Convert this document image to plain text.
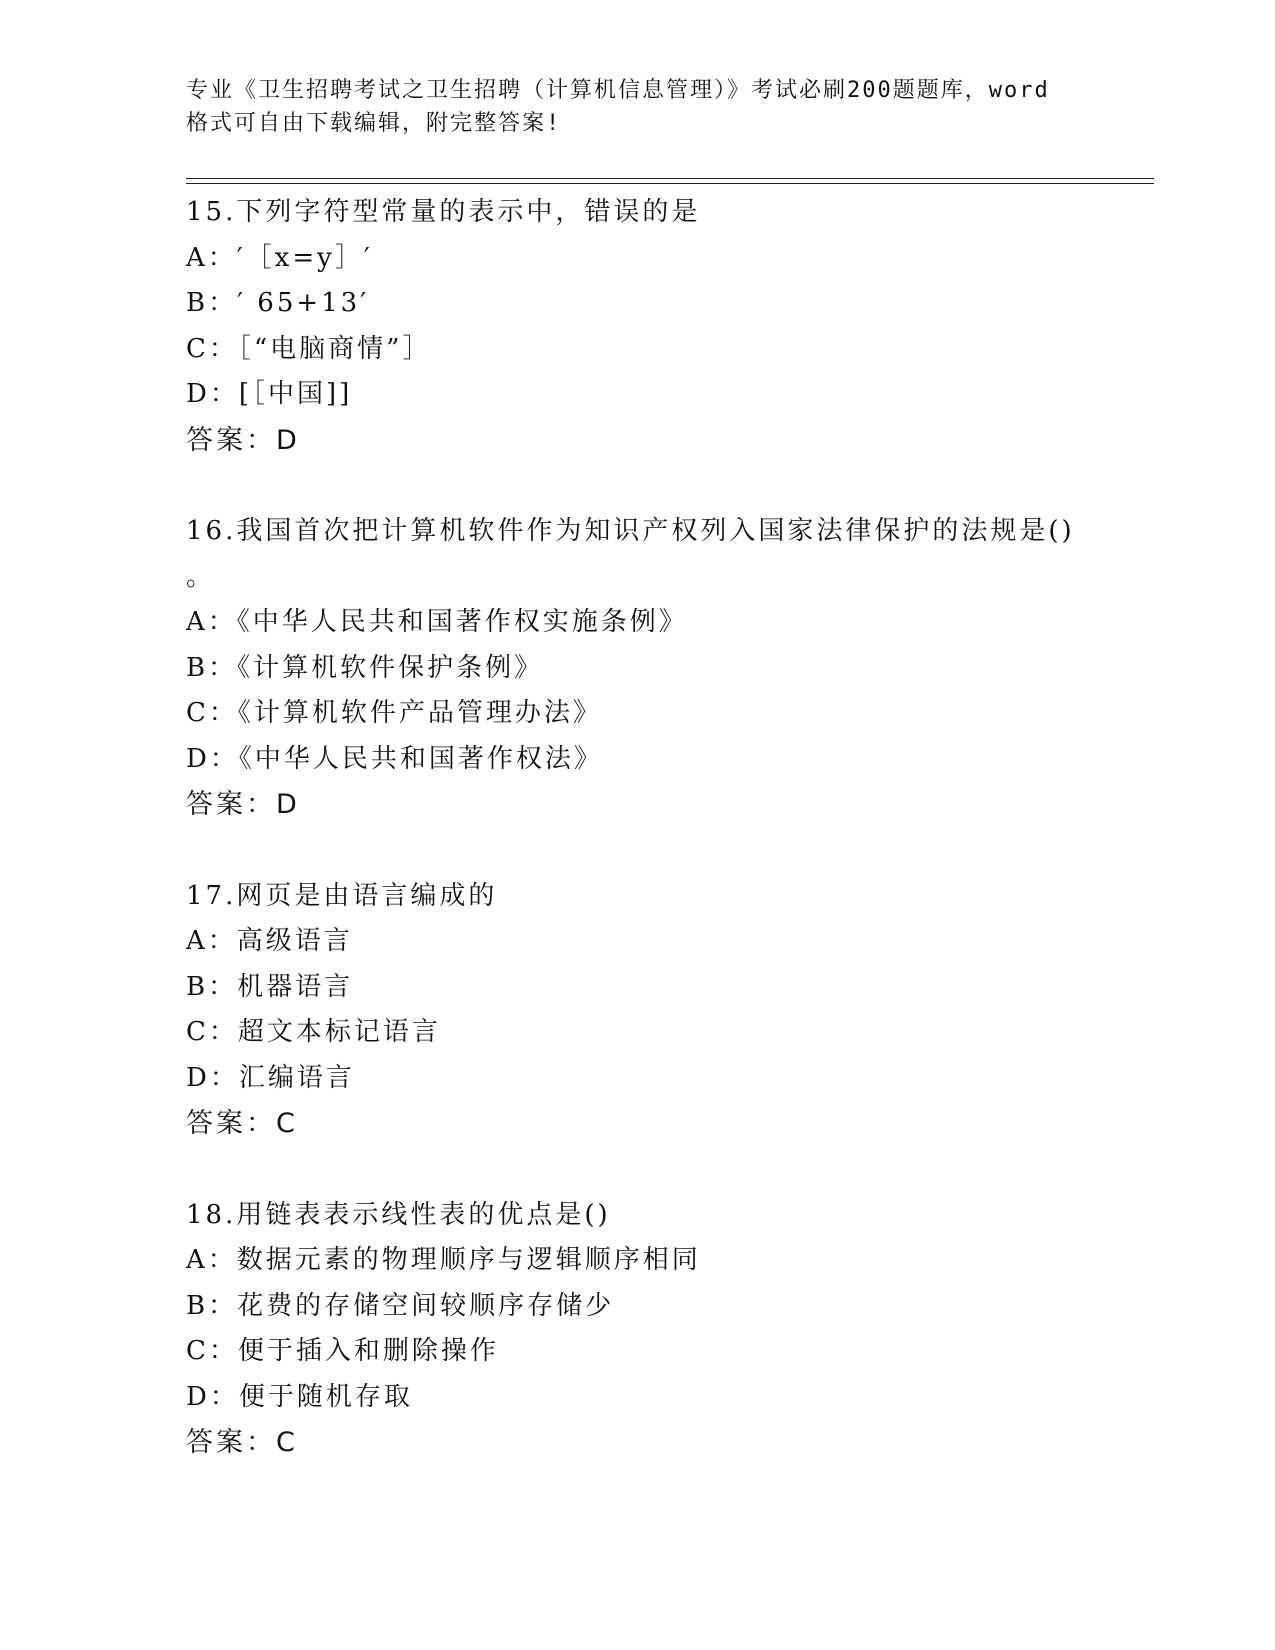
专业《卫生招聘考试之卫生招聘（计算机信息管理）》考试必刷200题题库，word

格式可自由下载编辑，附完整答案!

15.下列字符型常量的表示中，错误的是

A：′［x=y］′

B：′ 65+13′

C：［“电脑商情”］

D：[［中国]]

答案：D

16.我国首次把计算机软件作为知识产权列入国家法律保护的法规是()

。

A：《中华人民共和国著作权实施条例》

B：《计算机软件保护条例》

C：《计算机软件产品管理办法》

D：《中华人民共和国著作权法》

答案：D

17.网页是由语言编成的

A：高级语言

B：机器语言

C：超文本标记语言

D：汇编语言

答案：C

18.用链表表示线性表的优点是()

A：数据元素的物理顺序与逻辑顺序相同

B：花费的存储空间较顺序存储少

C：便于插入和删除操作

D：便于随机存取

答案：C
